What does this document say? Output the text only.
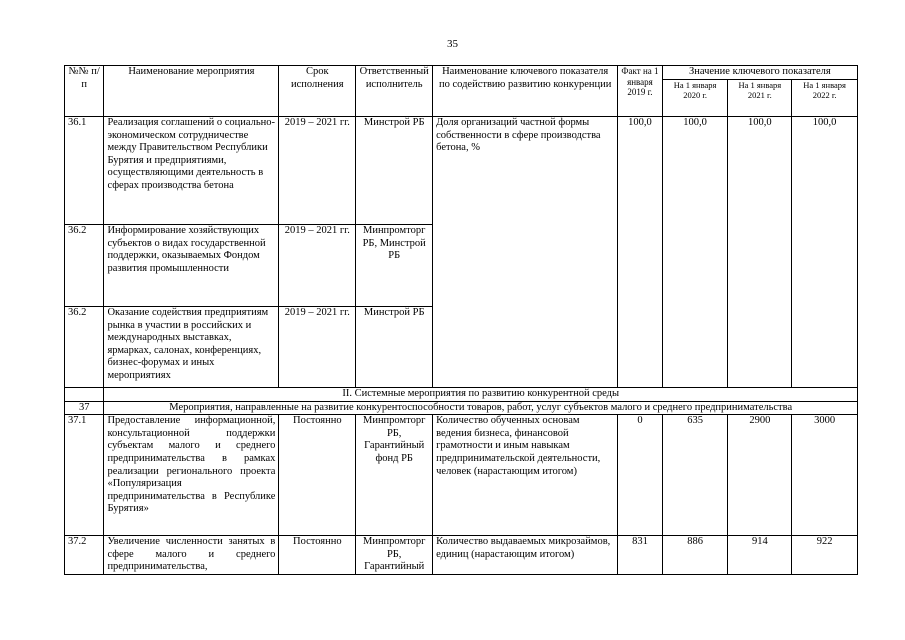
35
№№ п/п	Наименование мероприятия	Срок исполнения	Ответственный исполнитель	Наименование ключевого показателя по содействию развитию конкуренции	Факт на 1 января 2019 г.	Значение ключевого показателя		
						На 1 января 2020 г.	На 1 января 2021 г.	На 1 января 2022 г.
36.1	Реализация соглашений о социально-экономическом сотрудничестве между Правительством Республики Бурятия и предприятиями, осуществляющими деятельность в сферах производства бетона	2019 – 2021 гг.	Минстрой РБ	Доля организаций частной формы собственности в сфере производства бетона, %	100,0	100,0	100,0	100,0
36.2	Информирование хозяйствующих субъектов о видах государственной поддержки, оказываемых Фондом развития промышленности	2019 – 2021 гг.	Минпромторг РБ, Минстрой РБ					
36.2	Оказание содействия предприятиям рынка в участии в российских и международных выставках, ярмарках, салонах, конференциях, бизнес-форумах и иных мероприятиях	2019 – 2021 гг.	Минстрой РБ					
	II. Системные мероприятия по развитию конкурентной среды							
37	Мероприятия, направленные на развитие конкурентоспособности товаров, работ, услуг субъектов малого и среднего предпринимательства							
37.1	Предоставление информационной, консультационной поддержки субъектам малого и среднего предпринимательства в рамках реализации регионального проекта «Популяризация предпринимательства в Республике Бурятия»	Постоянно	Минпромторг РБ, Гарантийный фонд РБ	Количество обученных основам ведения бизнеса, финансовой грамотности и иным навыкам предпринимательской деятельности, человек (нарастающим итогом)	0	635	2900	3000
37.2	Увеличение численности занятых в сфере малого и среднего предпринимательства,	Постоянно	Минпромторг РБ, Гарантийный	Количество выдаваемых микрозаймов, единиц (нарастающим итогом)	831	886	914	922
